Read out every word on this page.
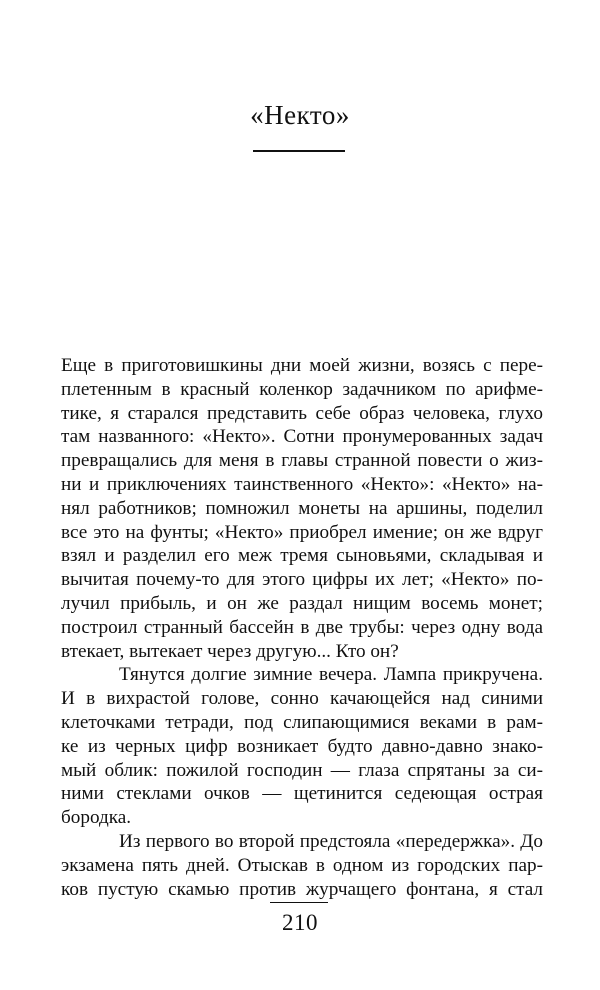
«Некто»
Еще в приготовишкины дни моей жизни, возясь с пере-
плетенным в красный коленкор задачником по арифме-
тике, я старался представить себе образ человека, глухо
там названного: «Некто». Сотни пронумерованных задач
превращались для меня в главы странной повести о жиз-
ни и приключениях таинственного «Некто»: «Некто» на-
нял работников; помножил монеты на аршины, поделил
все это на фунты; «Некто» приобрел имение; он же вдруг
взял и разделил его меж тремя сыновьями, складывая и
вычитая почему-то для этого цифры их лет; «Некто» по-
лучил прибыль, и он же раздал нищим восемь монет;
построил странный бассейн в две трубы: через одну вода
втекает, вытекает через другую... Кто он?
Тянутся долгие зимние вечера. Лампа прикручена.
И в вихрастой голове, сонно качающейся над синими
клеточками тетради, под слипающимися веками в рам-
ке из черных цифр возникает будто давно-давно знако-
мый облик: пожилой господин — глаза спрятаны за си-
ними стеклами очков — щетинится седеющая острая
бородка.
Из первого во второй предстояла «передержка». До
экзамена пять дней. Отыскав в одном из городских пар-
ков пустую скамью против журчащего фонтана, я стал
210
